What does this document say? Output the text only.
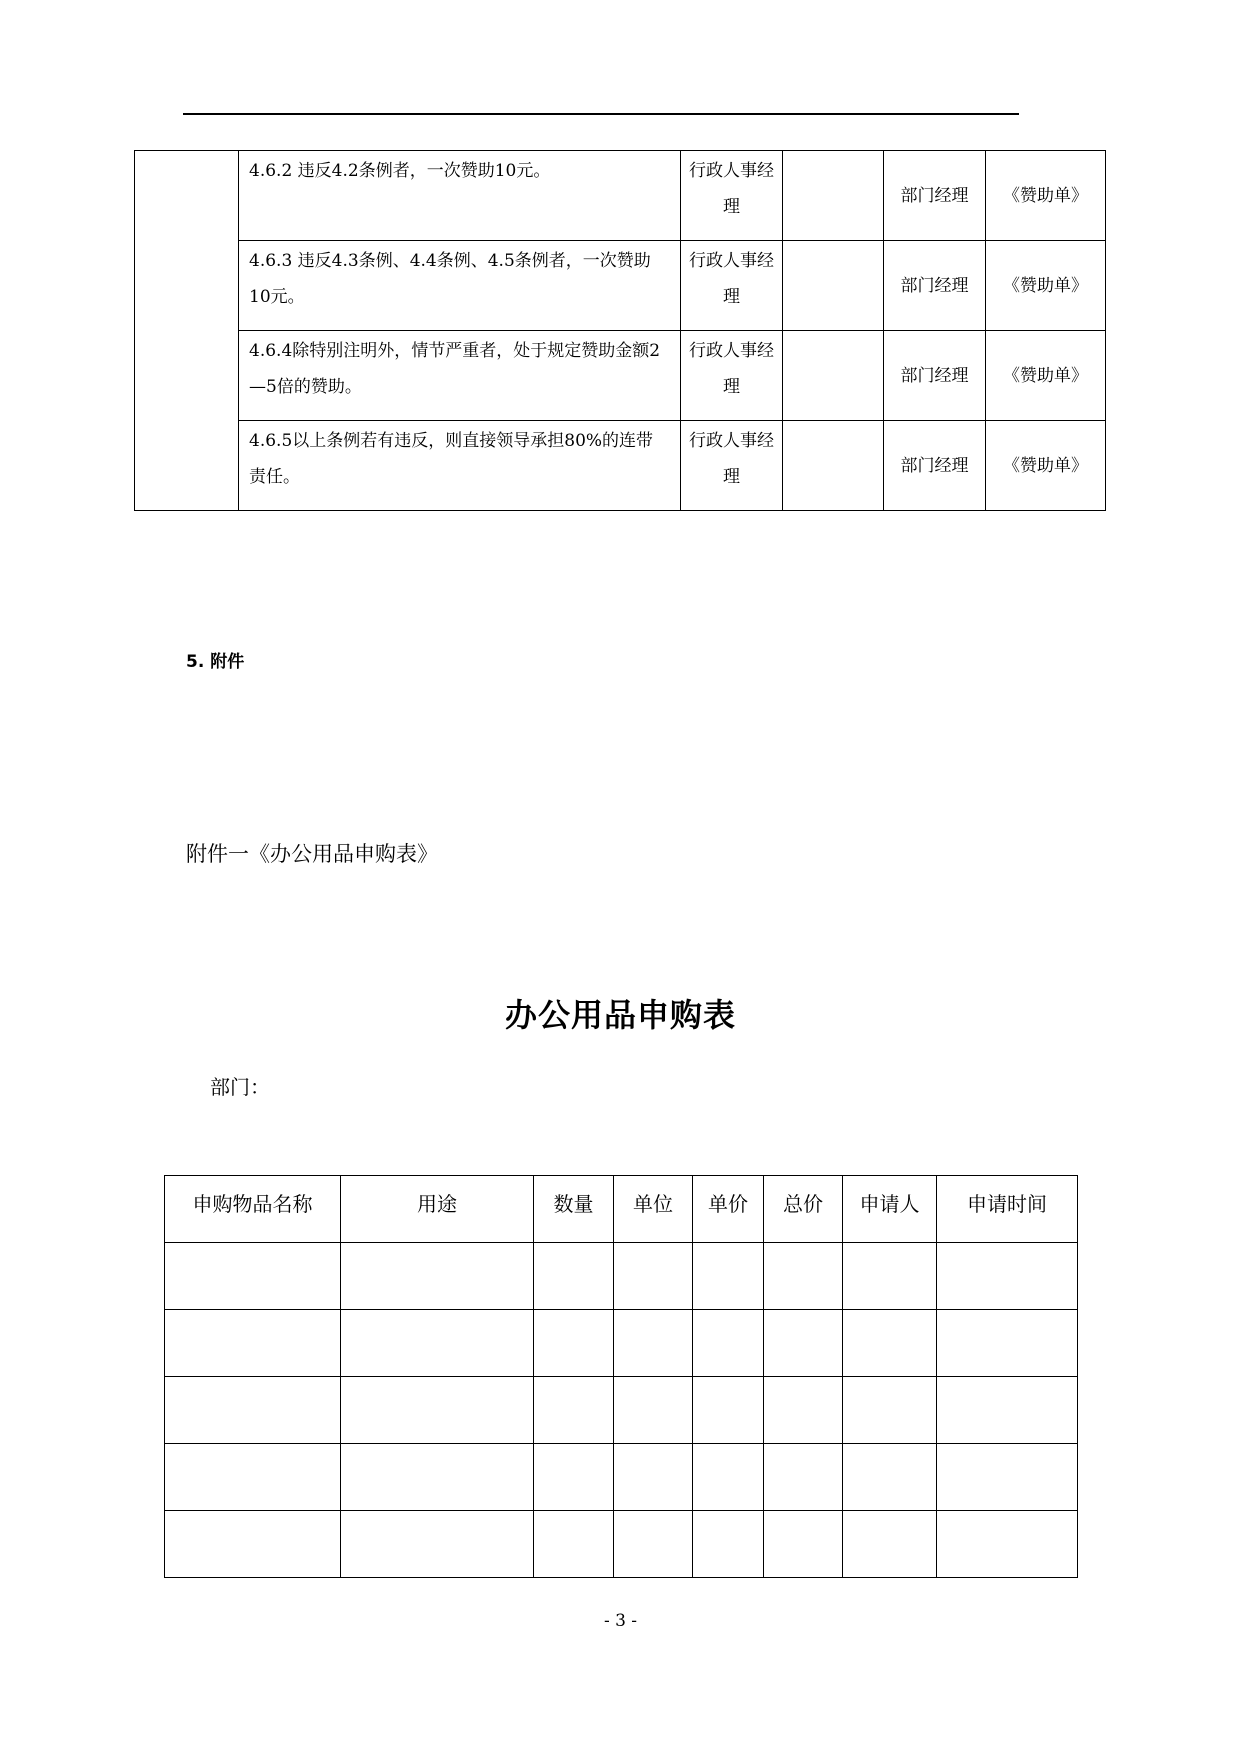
	4.6.2 违反4.2条例者，一次赞助10元。	行政人事经理		部门经理	《赞助单》
	4.6.3 违反4.3条例、4.4条例、4.5条例者，一次赞助10元。	行政人事经理		部门经理	《赞助单》
	4.6.4除特别注明外，情节严重者，处于规定赞助金额2—5倍的赞助。	行政人事经理		部门经理	《赞助单》
	4.6.5以上条例若有违反，则直接领导承担80%的连带责任。	行政人事经理		部门经理	《赞助单》
5. 附件
附件一《办公用品申购表》
办公用品申购表
部门：
申购物品名称	用途	数量	单位	单价	总价	申请人	申请时间

- 3 -
